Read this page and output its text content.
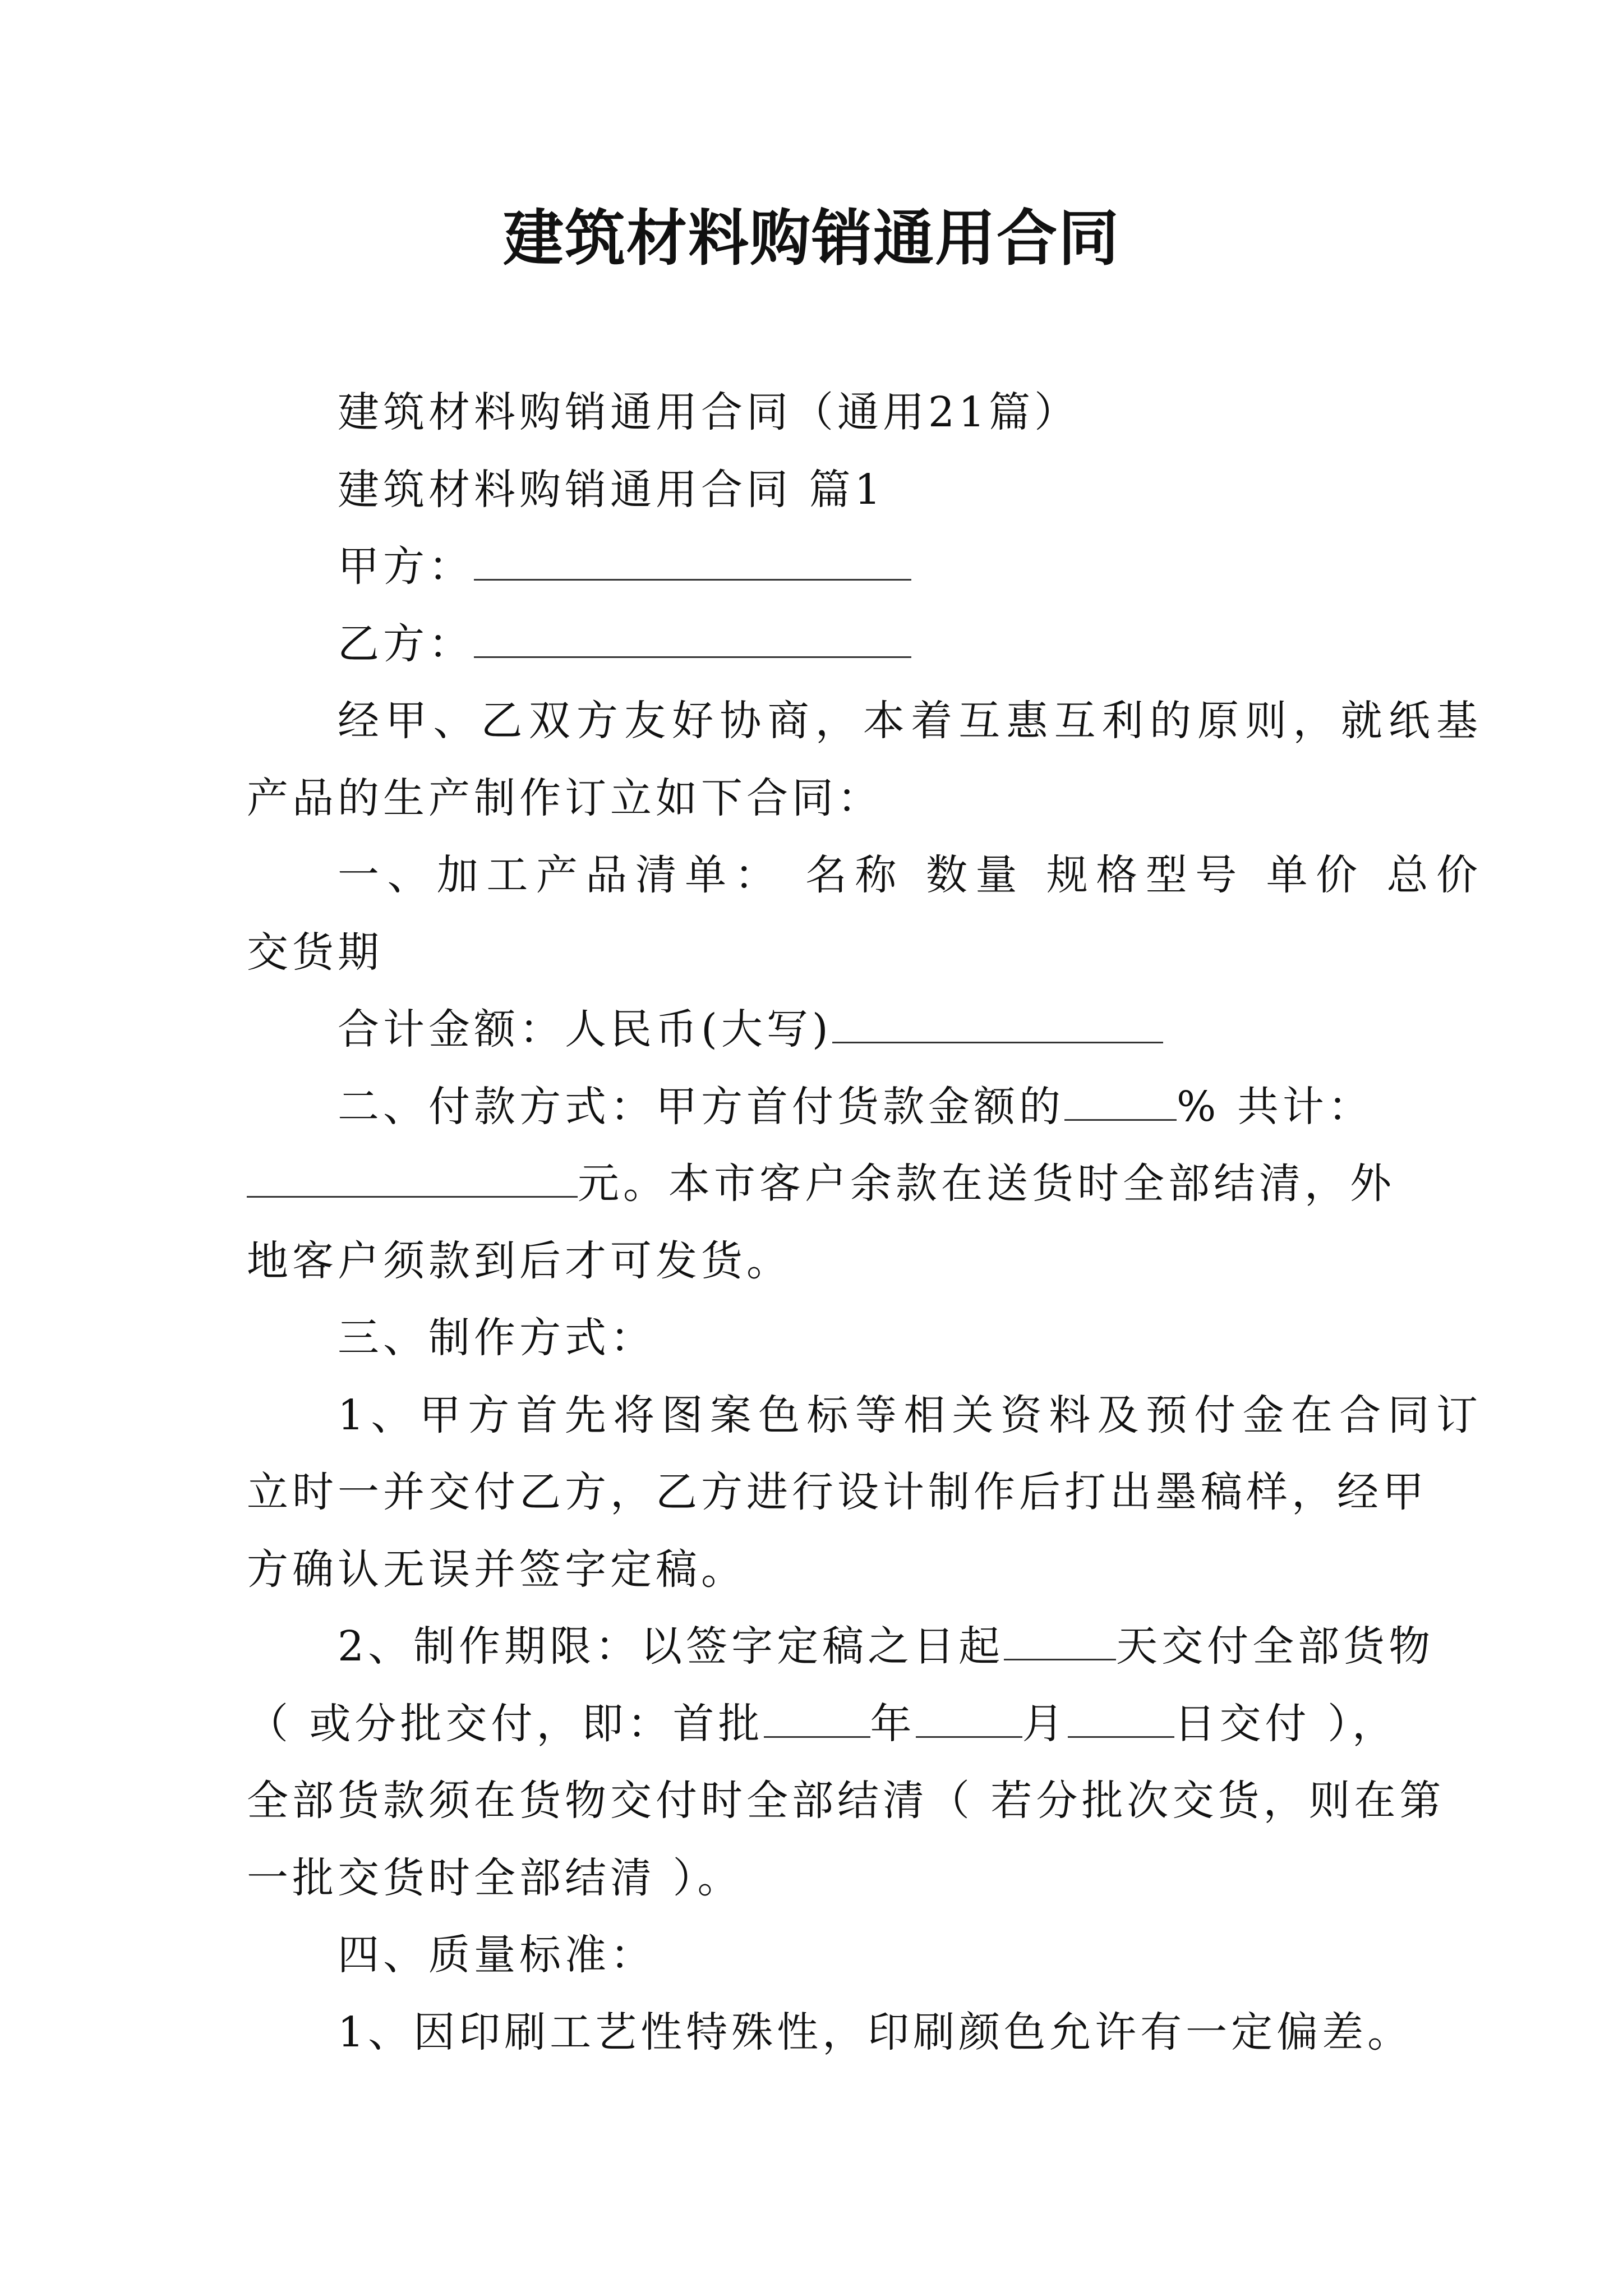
建筑材料购销通用合同
建筑材料购销通用合同（通用21篇）
建筑材料购销通用合同 篇1
甲方：
乙方：
经甲、乙双方友好协商，本着互惠互利的原则，就纸基
产品的生产制作订立如下合同：
一、加工产品清单： 名称 数量 规格型号 单价 总价
交货期
合计金额：人民币(大写)
二、付款方式：甲方首付货款金额的	% 共计：
元。本市客户余款在送货时全部结清，外
地客户须款到后才可发货。
三、制作方式：
1、甲方首先将图案色标等相关资料及预付金在合同订
立时一并交付乙方，乙方进行设计制作后打出墨稿样，经甲
方确认无误并签字定稿。
2、制作期限：以签字定稿之日起	天交付全部货物
（ 或分批交付，即：首批	年	月	日交付 ），
全部货款须在货物交付时全部结清（ 若分批次交货，则在第
一批交货时全部结清 ）。
四、质量标准：
1、因印刷工艺性特殊性，印刷颜色允许有一定偏差。
